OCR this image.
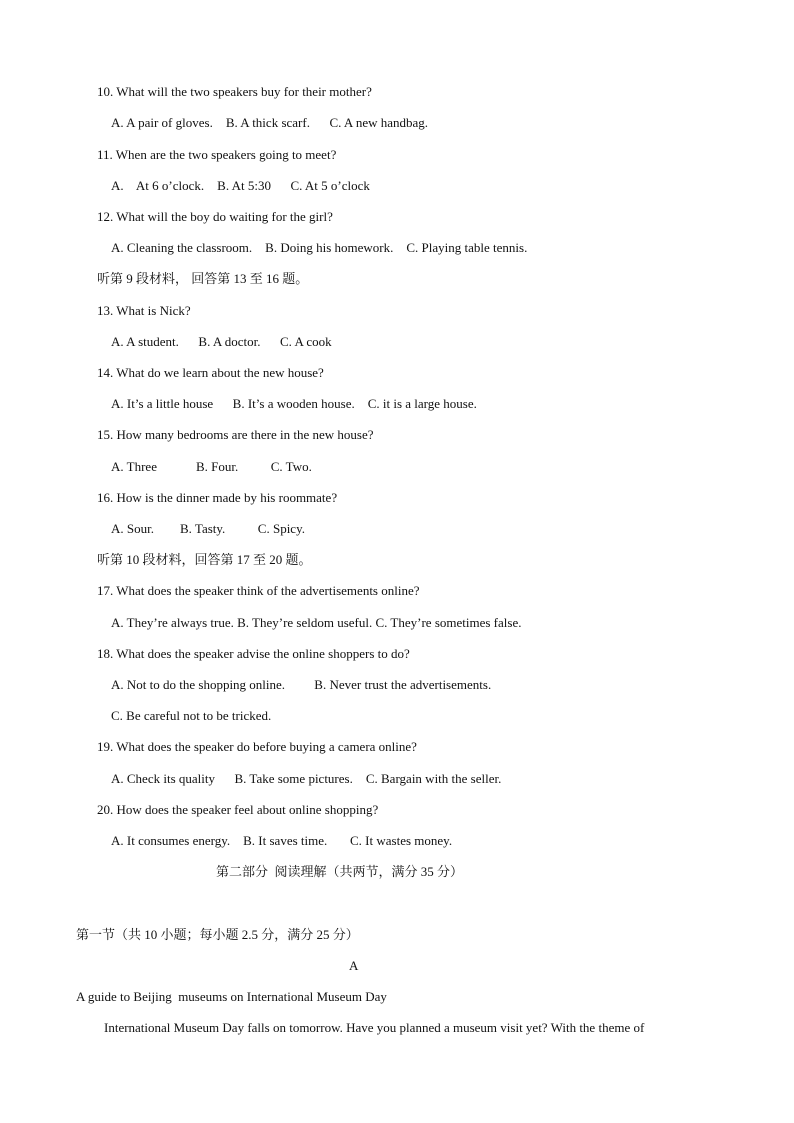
10. What will the two speakers buy for their mother?
A. A pair of gloves.    B. A thick scarf.      C. A new handbag.
11. When are the two speakers going to meet?
A.    At 6 o’clock.    B. At 5:30      C. At 5 o’clock
12. What will the boy do waiting for the girl?
A. Cleaning the classroom.    B. Doing his homework.    C. Playing table tennis.
听第 9 段材料， 回答第 13 至 16 题。
13. What is Nick?
A. A student.      B. A doctor.      C. A cook
14. What do we learn about the new house?
A. It’s a little house      B. It’s a wooden house.    C. it is a large house.
15. How many bedrooms are there in the new house?
A. Three            B. Four.          C. Two.
16. How is the dinner made by his roommate?
A. Sour.        B. Tasty.          C. Spicy.
听第 10 段材料，回答第 17 至 20 题。
17. What does the speaker think of the advertisements online?
A. They’re always true. B. They’re seldom useful. C. They’re sometimes false.
18. What does the speaker advise the online shoppers to do?
A. Not to do the shopping online.         B. Never trust the advertisements.
C. Be careful not to be tricked.
19. What does the speaker do before buying a camera online?
A. Check its quality      B. Take some pictures.    C. Bargain with the seller.
20. How does the speaker feel about online shopping?
A. It consumes energy.    B. It saves time.       C. It wastes money.
第二部分  阅读理解（共两节，满分 35 分）
第一节（共 10 小题；每小题 2.5 分，满分 25 分）
A
A guide to Beijing  museums on International Museum Day
International Museum Day falls on tomorrow. Have you planned a museum visit yet? With the theme of
